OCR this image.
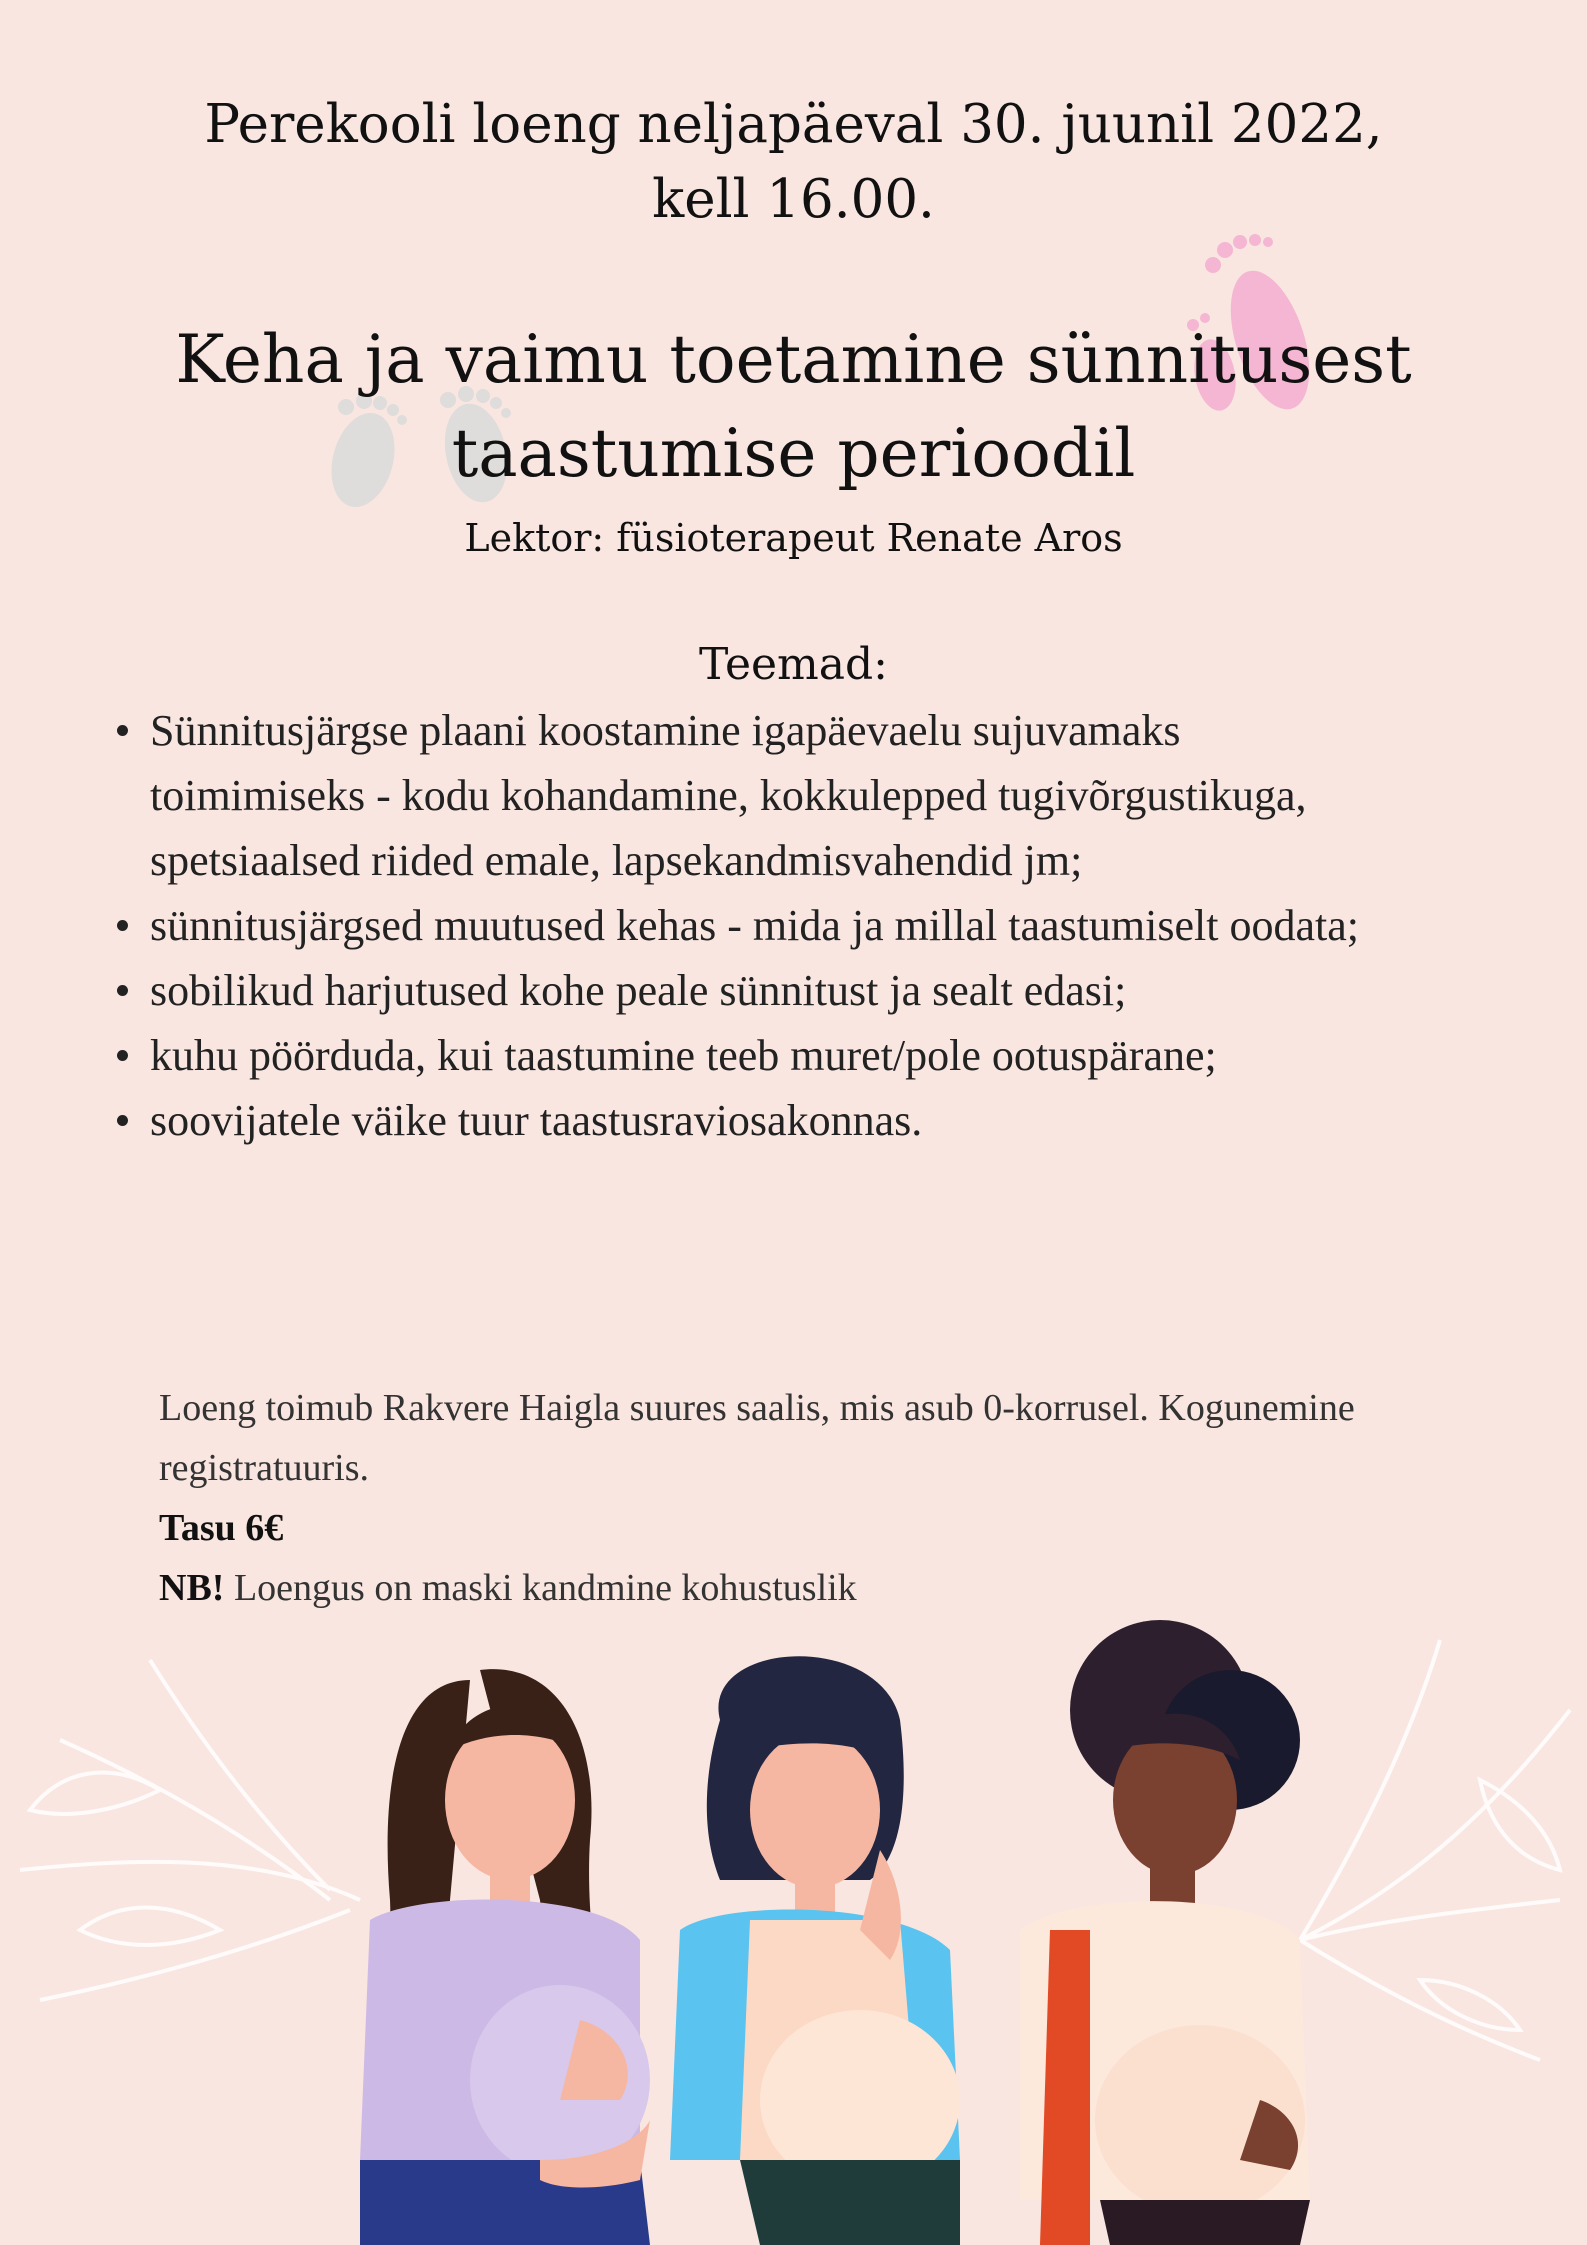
Perekooli loeng neljapäeval 30. juunil 2022,
kell 16.00.
Keha ja vaimu toetamine sünnitusest
taastumise perioodil
Lektor: füsioterapeut Renate Aros
Teemad:
Sünnitusjärgse plaani koostamine igapäevaelu sujuvamaks
toimimiseks - kodu kohandamine, kokkulepped tugivõrgustikuga,
spetsiaalsed riided emale, lapsekandmisvahendid jm;
sünnitusjärgsed muutused kehas - mida ja millal taastumiselt oodata;
sobilikud harjutused kohe peale sünnitust ja sealt edasi;
kuhu pöörduda, kui taastumine teeb muret/pole ootuspärane;
soovijatele väike tuur taastusraviosakonnas.
Loeng toimub Rakvere Haigla suures saalis, mis asub 0-korrusel. Kogunemine
registratuuris.
Tasu 6€
NB! Loengus on maski kandmine kohustuslik
